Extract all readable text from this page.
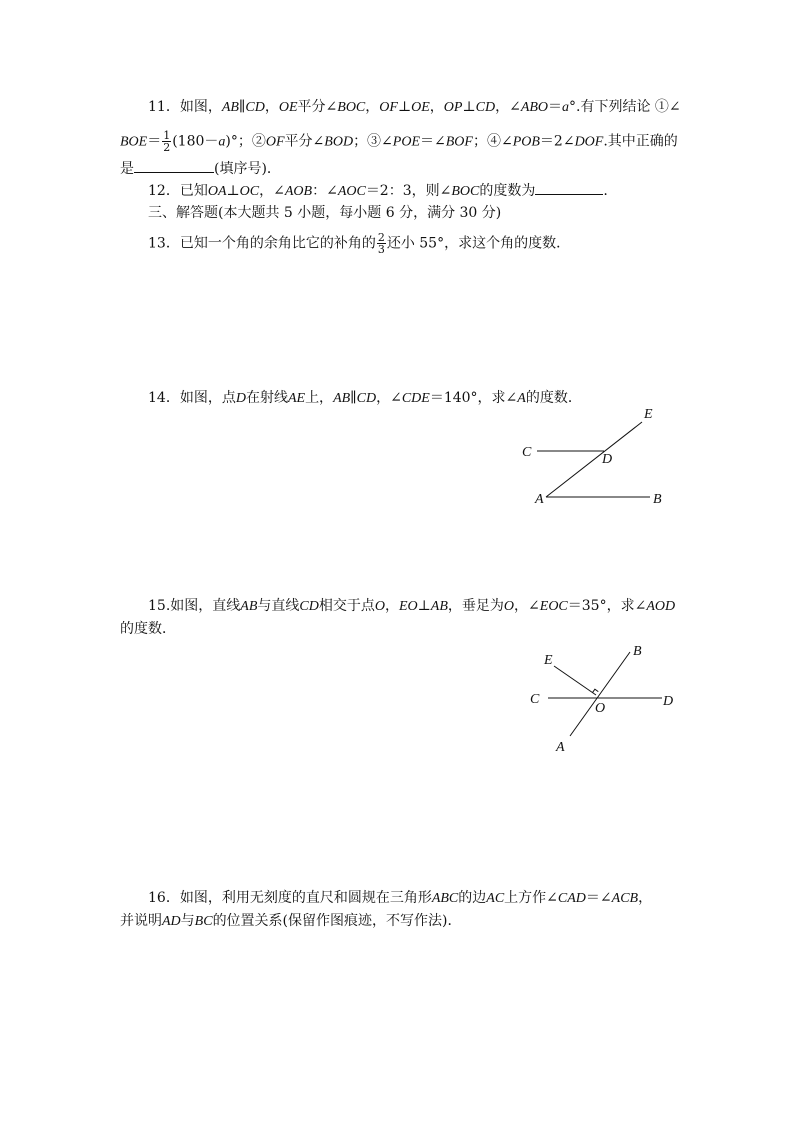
11．如图，AB∥CD，OE平分∠BOC，OF⊥OE，OP⊥CD，∠ABO＝a°.有下列结论 ①∠
$BOE= \frac{1}{2} (180-a)^\circ$；②OF平分∠BOD；③∠POE＝∠BOF；④∠POB＝2∠DOF.其中正确的
是	(填序号)．
12．已知OA⊥OC，∠AOB：∠AOC＝2：3，则∠BOC的度数为	.
三、解答题(本大题共 5 小题，每小题 6 分，满分 30 分)
13．已知一个角的余角比它的补角的 $\frac{2}{3}$ 还小 55°，求这个角的度数．
14．如图，点D在射线AE上，AB∥CD，∠CDE＝140°，求∠A的度数．
E
C	D
A	B
15.如图，直线AB与直线CD相交于点O，EO⊥AB，垂足为O，∠EOC＝35°，求∠AOD
的度数．
E
B
C
O	D
A
16．如图，利用无刻度的直尺和圆规在三角形ABC的边AC上方作∠CAD＝∠ACB，
并说明AD与BC的位置关系(保留作图痕迹，不写作法)．
